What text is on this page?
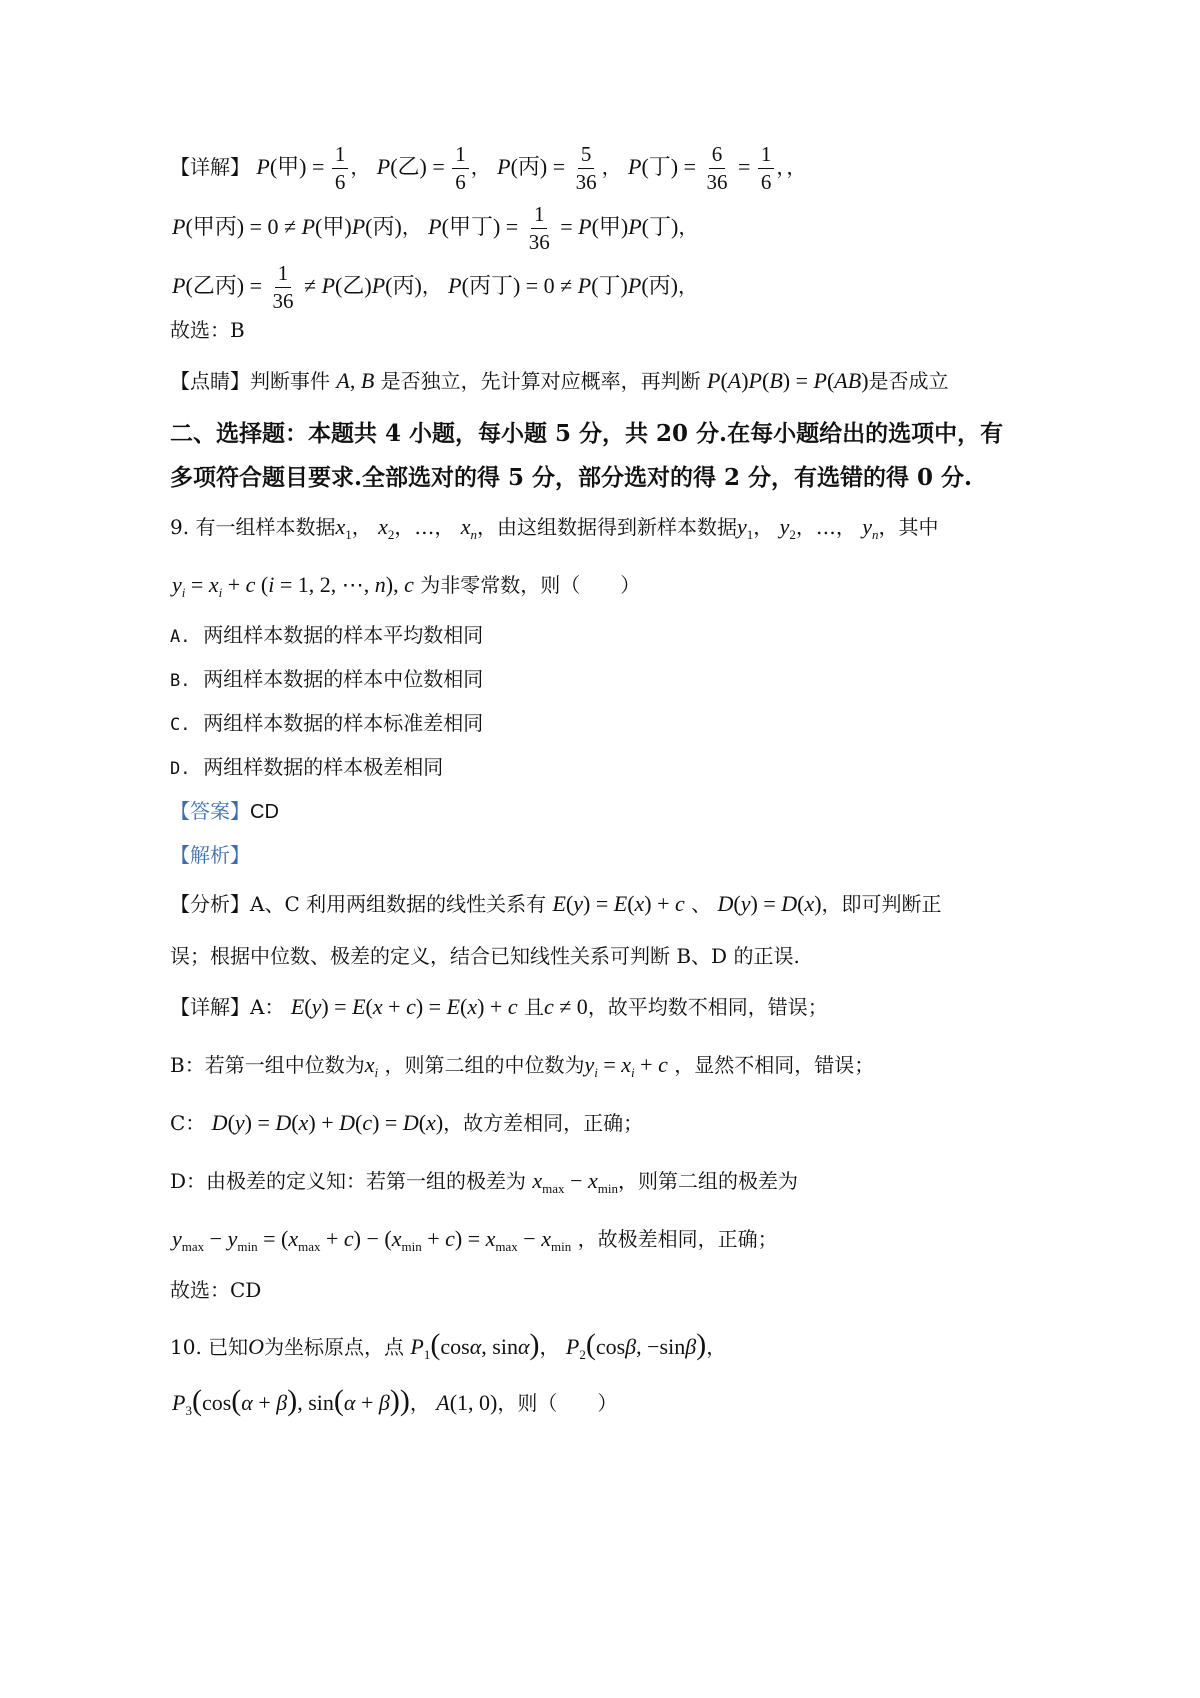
【详解】 P(甲) = $\frac{1}{6}$ ， P(乙) = $\frac{1}{6}$ ， P(丙) = $\frac{5}{36}$ ， P(丁) = $\frac{6}{36} = \frac{1}{6}$ ，，
P(甲丙) = 0 ≠ P(甲)P(丙)， P(甲丁) = $\frac{1}{36} = P$(甲)P(丁)，
P(乙丙) = $\frac{1}{36} \ne P$(乙)P(丙)， P(丙丁) = 0 ≠ P(丁)P(丙)，
故选：B
【点睛】判断事件 A, B 是否独立，先计算对应概率，再判断 P(A)P(B) = P(AB)是否成立
二、选择题：本题共 4 小题，每小题 5 分，共 20 分.在每小题给出的选项中，有
多项符合题目要求.全部选对的得 5 分，部分选对的得 2 分，有选错的得 0 分.
9. 有一组样本数据$x_1$， $x_2$，…， $x_n$，由这组数据得到新样本数据$y_1$， $y_2$，…， $y_n$，其中
$y_i = x_i + c$ (i = 1, 2, ⋯, n), c 为非零常数，则（　　）
A. 两组样本数据的样本平均数相同
B. 两组样本数据的样本中位数相同
C. 两组样本数据的样本标准差相同
D. 两组样数据的样本极差相同
【答案】CD
【解析】
【分析】A、C 利用两组数据的线性关系有 E(y) = E(x) + c 、 D(y) = D(x)，即可判断正
误；根据中位数、极差的定义，结合已知线性关系可判断 B、D 的正误.
【详解】A： E(y) = E(x + c) = E(x) + c 且c ≠ 0，故平均数不相同，错误；
B：若第一组中位数为$x_i$ ，则第二组的中位数为$y_i = x_i + c$ ，显然不相同，错误；
C： D(y) = D(x) + D(c) = D(x)，故方差相同，正确；
D：由极差的定义知：若第一组的极差为 $x_{max} - x_{min}$，则第二组的极差为
$y_{max} - y_{min} = (x_{max} + c) - (x_{min} + c) = x_{max} - x_{min}$ ，故极差相同，正确；
故选：CD
10. 已知O为坐标原点，点 $P_1(\cos\alpha$, sinα)， $P_2(\cos\beta$, −sinβ)，
$P_3(\cos(\alpha + \beta)$, sin(α + β))， A(1, 0)，则（　　）
